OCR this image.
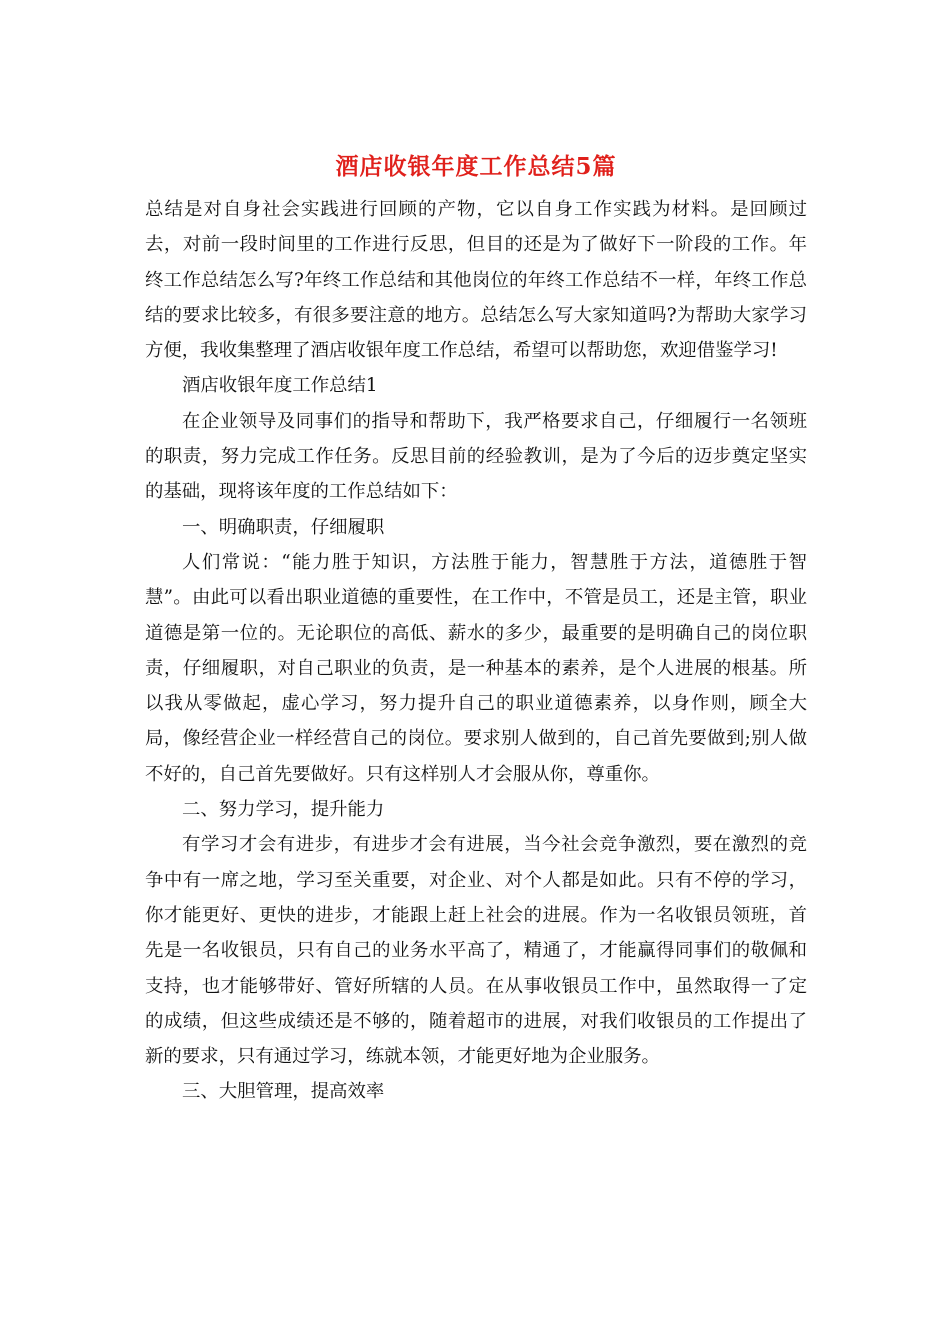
酒店收银年度工作总结5篇

总结是对自身社会实践进行回顾的产物，它以自身工作实践为材料。是回顾过去，对前一段时间里的工作进行反思，但目的还是为了做好下一阶段的工作。年终工作总结怎么写?年终工作总结和其他岗位的年终工作总结不一样，年终工作总结的要求比较多，有很多要注意的地方。总结怎么写大家知道吗?为帮助大家学习方便，我收集整理了酒店收银年度工作总结，希望可以帮助您，欢迎借鉴学习!

酒店收银年度工作总结1

在企业领导及同事们的指导和帮助下，我严格要求自己，仔细履行一名领班的职责，努力完成工作任务。反思目前的经验教训，是为了今后的迈步奠定坚实的基础，现将该年度的工作总结如下：

一、明确职责，仔细履职

人们常说：“能力胜于知识，方法胜于能力，智慧胜于方法，道德胜于智慧”。由此可以看出职业道德的重要性，在工作中，不管是员工，还是主管，职业道德是第一位的。无论职位的高低、薪水的多少，最重要的是明确自己的岗位职责，仔细履职，对自己职业的负责，是一种基本的素养，是个人进展的根基。所以我从零做起，虚心学习，努力提升自己的职业道德素养，以身作则，顾全大局，像经营企业一样经营自己的岗位。要求别人做到的，自己首先要做到;别人做不好的，自己首先要做好。只有这样别人才会服从你，尊重你。

二、努力学习，提升能力

有学习才会有进步，有进步才会有进展，当今社会竞争激烈，要在激烈的竞争中有一席之地，学习至关重要，对企业、对个人都是如此。只有不停的学习，你才能更好、更快的进步，才能跟上赶上社会的进展。作为一名收银员领班，首先是一名收银员，只有自己的业务水平高了，精通了，才能赢得同事们的敬佩和支持，也才能够带好、管好所辖的人员。在从事收银员工作中，虽然取得一了定的成绩，但这些成绩还是不够的，随着超市的进展，对我们收银员的工作提出了新的要求，只有通过学习，练就本领，才能更好地为企业服务。

三、大胆管理，提高效率
